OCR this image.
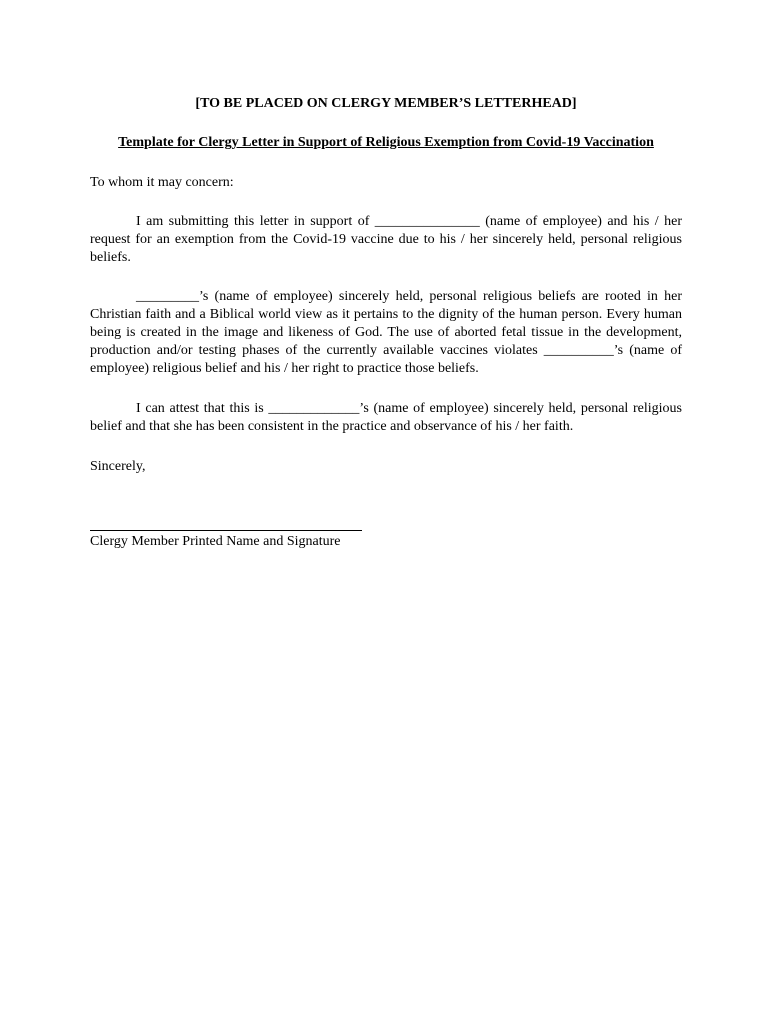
[TO BE PLACED ON CLERGY MEMBER’S LETTERHEAD]

Template for Clergy Letter in Support of Religious Exemption from Covid-19 Vaccination

To whom it may concern:

I am submitting this letter in support of _______________ (name of employee) and his / her request for an exemption from the Covid-19 vaccine due to his / her sincerely held, personal religious beliefs.

_________’s (name of employee) sincerely held, personal religious beliefs are rooted in her Christian faith and a Biblical world view as it pertains to the dignity of the human person. Every human being is created in the image and likeness of God. The use of aborted fetal tissue in the development, production and/or testing phases of the currently available vaccines violates __________’s (name of employee) religious belief and his / her right to practice those beliefs.

I can attest that this is _____________’s (name of employee) sincerely held, personal religious belief and that she has been consistent in the practice and observance of his / her faith.

Sincerely,

Clergy Member Printed Name and Signature
